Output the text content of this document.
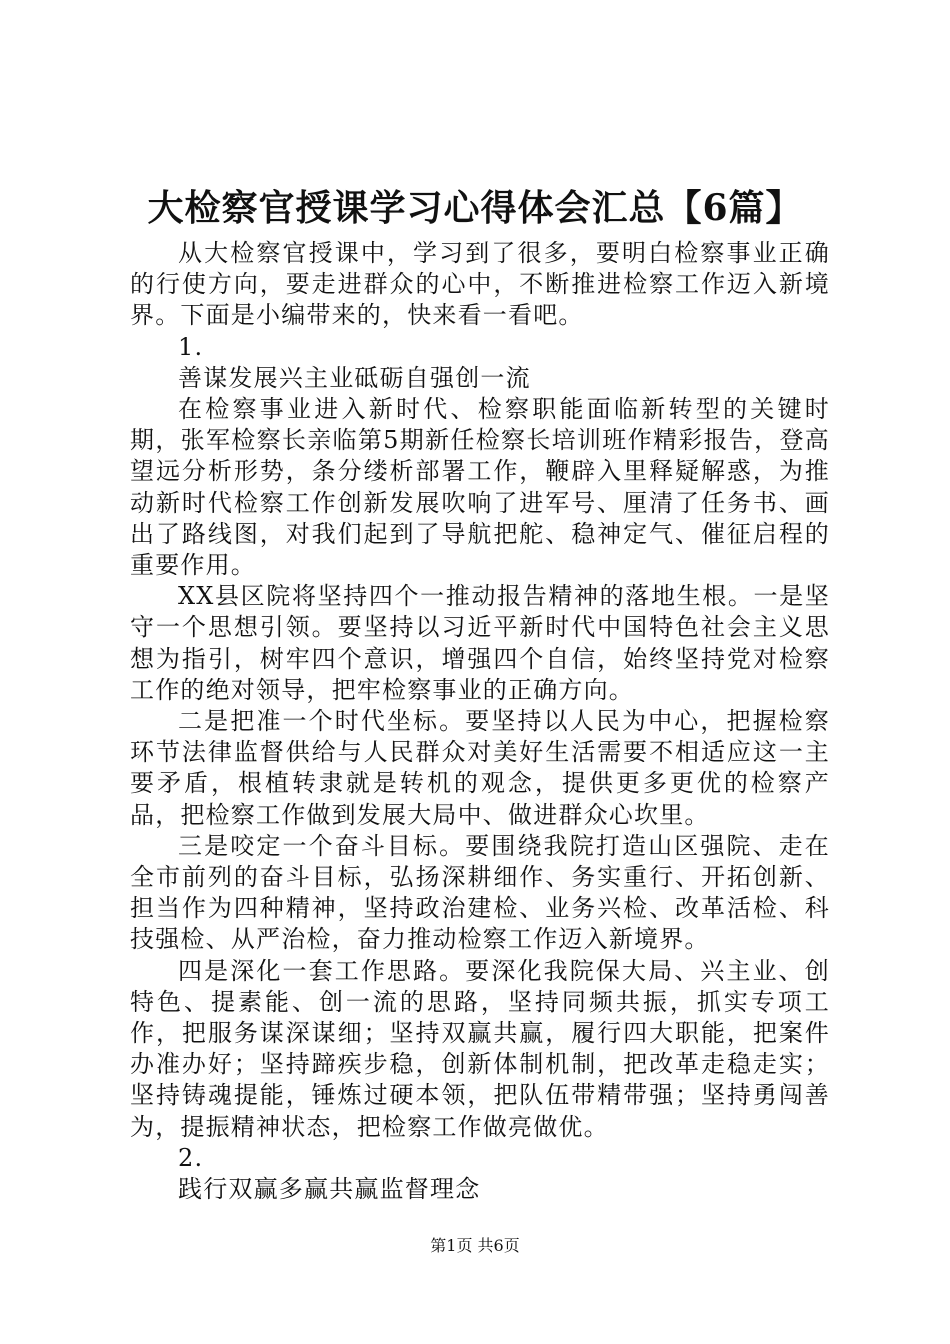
大检察官授课学习心得体会汇总【6篇】

从大检察官授课中，学习到了很多，要明白检察事业正确的行使方向，要走进群众的心中，不断推进检察工作迈入新境界。下面是小编带来的，快来看一看吧。

1.

善谋发展兴主业砥砺自强创一流

在检察事业进入新时代、检察职能面临新转型的关键时期，张军检察长亲临第5期新任检察长培训班作精彩报告，登高望远分析形势，条分缕析部署工作，鞭辟入里释疑解惑，为推动新时代检察工作创新发展吹响了进军号、厘清了任务书、画出了路线图，对我们起到了导航把舵、稳神定气、催征启程的重要作用。

XX县区院将坚持四个一推动报告精神的落地生根。一是坚守一个思想引领。要坚持以习近平新时代中国特色社会主义思想为指引，树牢四个意识，增强四个自信，始终坚持党对检察工作的绝对领导，把牢检察事业的正确方向。

二是把准一个时代坐标。要坚持以人民为中心，把握检察环节法律监督供给与人民群众对美好生活需要不相适应这一主要矛盾，根植转隶就是转机的观念，提供更多更优的检察产品，把检察工作做到发展大局中、做进群众心坎里。

三是咬定一个奋斗目标。要围绕我院打造山区强院、走在全市前列的奋斗目标，弘扬深耕细作、务实重行、开拓创新、担当作为四种精神，坚持政治建检、业务兴检、改革活检、科技强检、从严治检，奋力推动检察工作迈入新境界。

四是深化一套工作思路。要深化我院保大局、兴主业、创特色、提素能、创一流的思路，坚持同频共振，抓实专项工作，把服务谋深谋细；坚持双赢共赢，履行四大职能，把案件办准办好；坚持蹄疾步稳，创新体制机制，把改革走稳走实；坚持铸魂提能，锤炼过硬本领，把队伍带精带强；坚持勇闯善为，提振精神状态，把检察工作做亮做优。

2.

践行双赢多赢共赢监督理念

第1页 共6页
